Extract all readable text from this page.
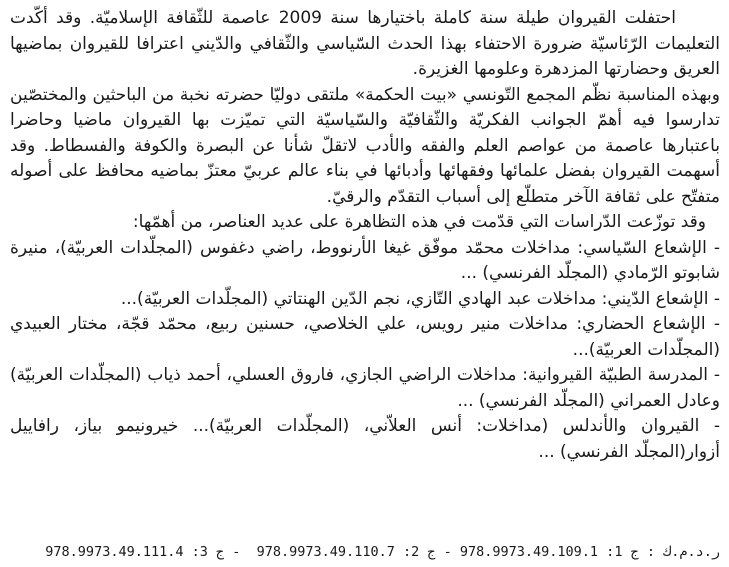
احتفلت القيروان طيلة سنة كاملة باختيارها سنة 2009 عاصمة للثّقافة الإسلاميّة. وقد أكّدت التعليمات الرّئاسيّة ضرورة الاحتفاء بهذا الحدث السّياسي والثّقافي والدّيني اعترافا للقيروان بماضيها العريق وحضارتها المزدهرة وعلومها الغزيرة.

وبهذه المناسبة نظّم المجمع التّونسي «بيت الحكمة» ملتقى دوليّا حضرته نخبة من الباحثين والمختصّين تدارسوا فيه أهمّ الجوانب الفكريّة والثّقافيّة والسّياسيّة التي تميّزت بها القيروان ماضيا وحاضرا باعتبارها عاصمة من عواصم العلم والفقه والأدب لاتقلّ شأنا عن البصرة والكوفة والفسطاط. وقد أسهمت القيروان بفضل علمائها وفقهائها وأدبائها في بناء عالم عربيّ معتزّ بماضيه محافظ على أصوله متفتّح على ثقافة الآخر متطلّع إلى أسباب التقدّم والرقيّ.

وقد توزّعت الدّراسات التي قدّمت في هذه التظاهرة على عديد العناصر، من أهمّها:

- الإشعاع السّياسي: مداخلات محمّد موفّق غيغا الأرنووط، راضي دغفوس (المجلّدات العربيّة)، منيرة شابوتو الرّمادي (المجلّد الفرنسي) ...

- الإشعاع الدّيني: مداخلات عبد الهادي التّازي، نجم الدّين الهنتاتي (المجلّدات العربيّة)...

- الإشعاع الحضاري: مداخلات منير رويس، علي الخلاصي، حسنين ربيع، محمّد قجّة، مختار العبيدي (المجلّدات العربيّة)...

- المدرسة الطبيّة القيروانية: مداخلات الراضي الجازي، فاروق العسلي، أحمد ذياب (المجلّدات العربيّة) وعادل العمراني (المجلّد الفرنسي) ...

- القيروان والأندلس (مداخلات: أنس العلاّني، (المجلّدات العربيّة)... خيرونيمو بياز، رافاييل أزوار(المجلّد الفرنسي) ...

ر.د.م.ك : ج 1: 978.9973.49.109.1 - ج 2: 978.9973.49.110.7  - ج 3: 978.9973.49.111.4
